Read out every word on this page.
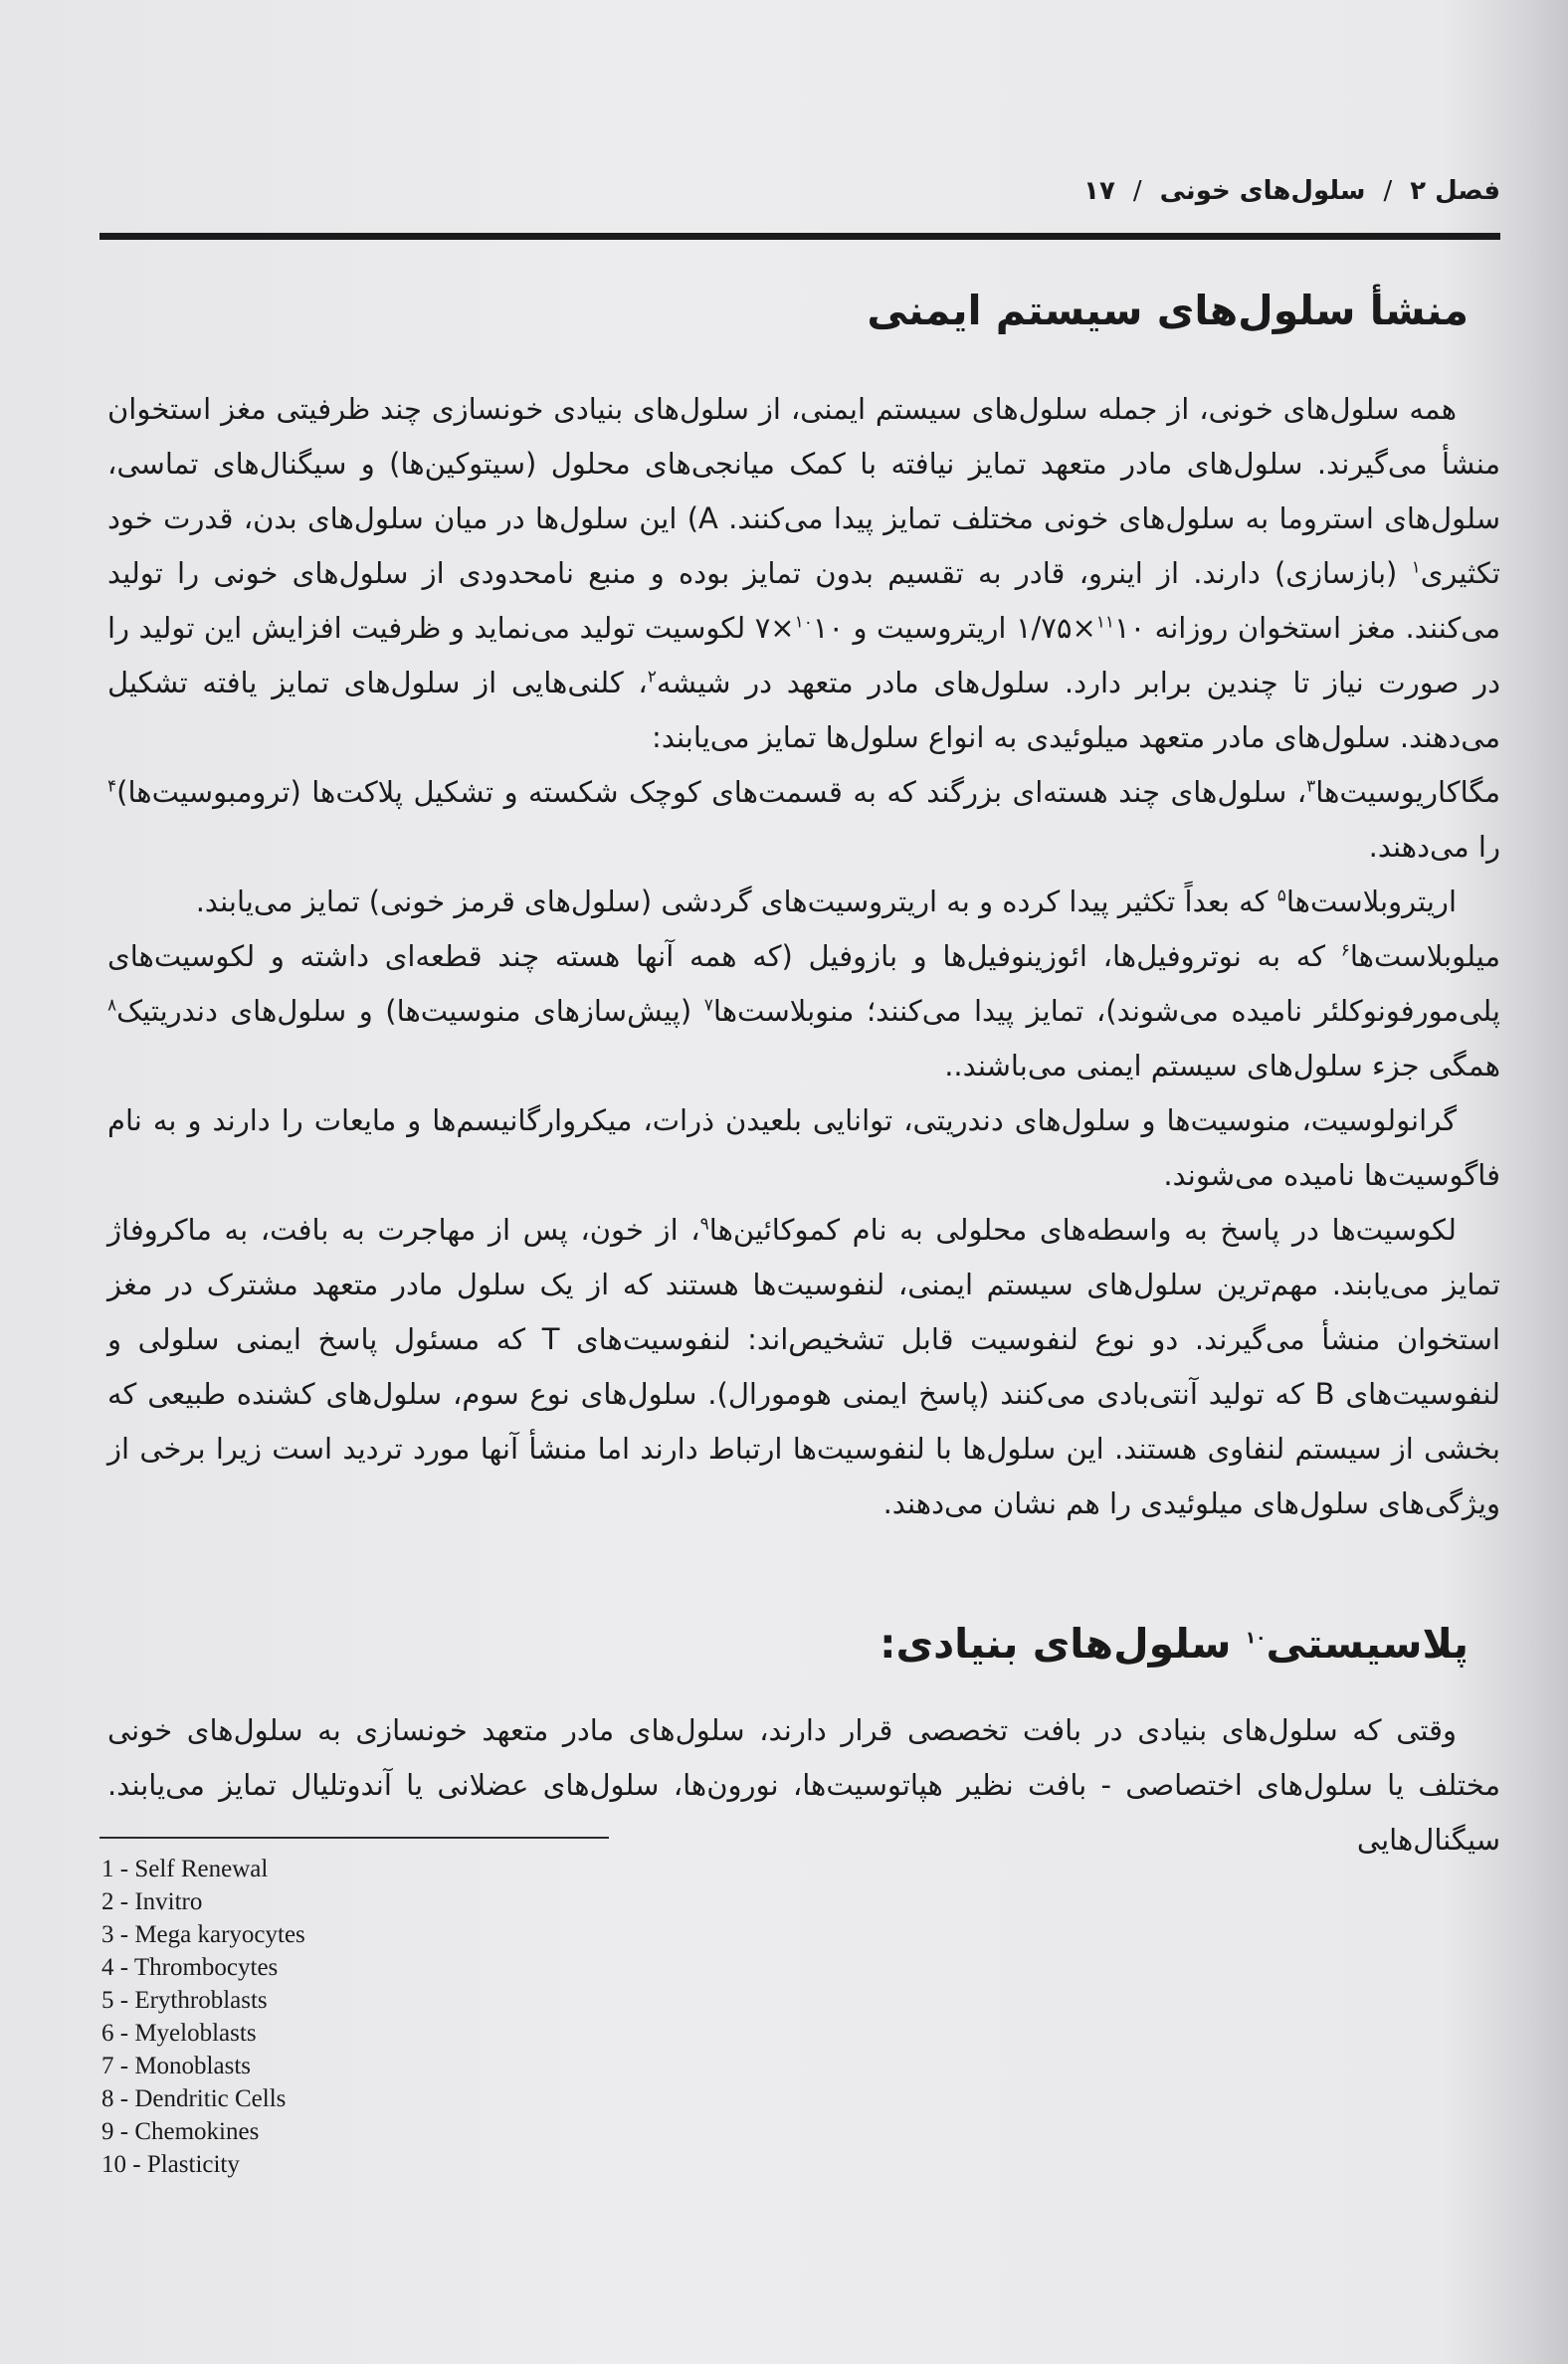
فصل ۲
/
سلول‌های خونی
/
۱۷
منشأ سلول‌های سیستم ایمنی

همه سلول‌های خونی، از جمله سلول‌های سیستم ایمنی، از سلول‌های بنیادی خونسازی چند ظرفیتی مغز استخوان منشأ می‌گیرند. سلول‌های مادر متعهد تمایز نیافته با کمک میانجی‌های محلول (سیتوکین‌ها) و سیگنال‌های تماسی، سلول‌های استروما به سلول‌های خونی مختلف تمایز پیدا می‌کنند. A) این سلول‌ها در میان سلول‌های بدن، قدرت خود تکثیری$^۱$ (بازسازی) دارند. از اینرو، قادر به تقسیم بدون تمایز بوده و منبع نامحدودی از سلول‌های خونی را تولید می‌کنند. مغز استخوان روزانه $^{۱۱}$۱۰×۱/۷۵ اریتروسیت و $^{۱۰}$۱۰×۷ لکوسیت تولید می‌نماید و ظرفیت افزایش این تولید را در صورت نیاز تا چندین برابر دارد. سلول‌های مادر متعهد در شیشه$^۲$، کلنی‌هایی از سلول‌های تمایز یافته تشکیل می‌دهند. سلول‌های مادر متعهد میلوئیدی به انواع سلول‌ها تمایز می‌یابند:

مگاکاریوسیت‌ها$^۳$، سلول‌های چند هسته‌ای بزرگند که به قسمت‌های کوچک شکسته و تشکیل پلاکت‌ها (ترومبوسیت‌ها)$^۴$ را می‌دهند.

اریتروبلاست‌ها$^۵$ که بعداً تکثیر پیدا کرده و به اریتروسیت‌های گردشی (سلول‌های قرمز خونی) تمایز می‌یابند.

میلوبلاست‌ها$^۶$ که به نوتروفیل‌ها، ائوزینوفیل‌ها و بازوفیل (که همه آنها هسته چند قطعه‌ای داشته و لکوسیت‌های پلی‌مورفونوکلئر نامیده می‌شوند)، تمایز پیدا می‌کنند؛ منوبلاست‌ها$^۷$ (پیش‌سازهای منوسیت‌ها) و سلول‌های دندریتیک$^۸$ همگی جزء سلول‌های سیستم ایمنی می‌باشند..

گرانولوسیت، منوسیت‌ها و سلول‌های دندریتی، توانایی بلعیدن ذرات، میکروارگانیسم‌ها و مایعات را دارند و به نام فاگوسیت‌ها نامیده می‌شوند.

لکوسیت‌ها در پاسخ به واسطه‌های محلولی به نام کموکائین‌ها$^۹$، از خون، پس از مهاجرت به بافت، به ماکروفاژ تمایز می‌یابند. مهم‌ترین سلول‌های سیستم ایمنی، لنفوسیت‌ها هستند که از یک سلول مادر متعهد مشترک در مغز استخوان منشأ می‌گیرند. دو نوع لنفوسیت قابل تشخیص‌اند: لنفوسیت‌های T که مسئول پاسخ ایمنی سلولی و لنفوسیت‌های B که تولید آنتی‌بادی می‌کنند (پاسخ ایمنی هومورال). سلول‌های نوع سوم، سلول‌های کشنده طبیعی که بخشی از سیستم لنفاوی هستند. این سلول‌ها با لنفوسیت‌ها ارتباط دارند اما منشأ آنها مورد تردید است زیرا برخی از ویژگی‌های سلول‌های میلوئیدی را هم نشان می‌دهند.

پلاسیستی$^{۱۰}$ سلول‌های بنیادی:

وقتی که سلول‌های بنیادی در بافت تخصصی قرار دارند، سلول‌های مادر متعهد خونسازی به سلول‌های خونی مختلف یا سلول‌های اختصاصی - بافت نظیر هپاتوسیت‌ها، نورون‌ها، سلول‌های عضلانی یا آندوتلیال تمایز می‌یابند. سیگنال‌هایی

1 - Self Renewal
2 - Invitro
3 - Mega karyocytes
4 - Thrombocytes
5 - Erythroblasts
6 - Myeloblasts
7 - Monoblasts
8 - Dendritic Cells
9 - Chemokines
10 - Plasticity
